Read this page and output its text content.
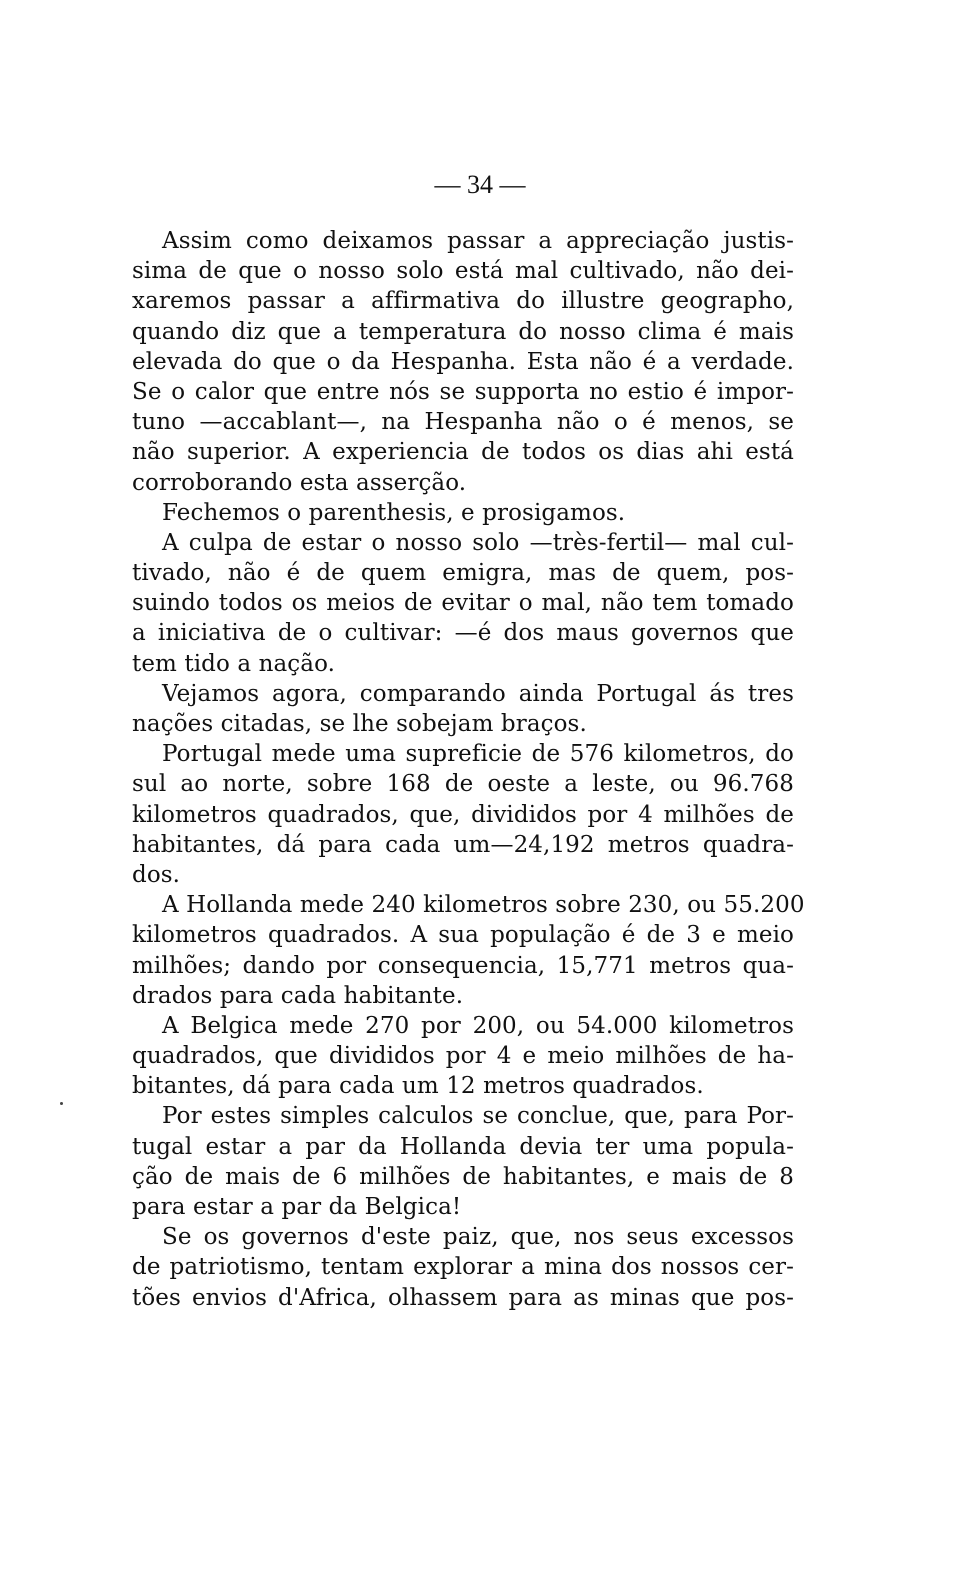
— 34 —
Assim como deixamos passar a appreciação justis-
sima de que o nosso solo está mal cultivado, não dei-
xaremos passar a affirmativa do illustre geographo,
quando diz que a temperatura do nosso clima é mais
elevada do que o da Hespanha. Esta não é a verdade.
Se o calor que entre nós se supporta no estio é impor-
tuno —accablant—, na Hespanha não o é menos, se
não superior. A experiencia de todos os dias ahi está
corroborando esta asserção.
Fechemos o parenthesis, e prosigamos.
A culpa de estar o nosso solo —très-fertil— mal cul-
tivado, não é de quem emigra, mas de quem, pos-
suindo todos os meios de evitar o mal, não tem tomado
a iniciativa de o cultivar: —é dos maus governos que
tem tido a nação.
Vejamos agora, comparando ainda Portugal ás tres
nações citadas, se lhe sobejam braços.
Portugal mede uma supreficie de 576 kilometros, do
sul ao norte, sobre 168 de oeste a leste, ou 96.768
kilometros quadrados, que, divididos por 4 milhões de
habitantes, dá para cada um—24,192 metros quadra-
dos.
A Hollanda mede 240 kilometros sobre 230, ou 55.200
kilometros quadrados. A sua população é de 3 e meio
milhões; dando por consequencia, 15,771 metros qua-
drados para cada habitante.
A Belgica mede 270 por 200, ou 54.000 kilometros
quadrados, que divididos por 4 e meio milhões de ha-
bitantes, dá para cada um 12 metros quadrados.
Por estes simples calculos se conclue, que, para Por-
tugal estar a par da Hollanda devia ter uma popula-
ção de mais de 6 milhões de habitantes, e mais de 8
para estar a par da Belgica!
Se os governos d'este paiz, que, nos seus excessos
de patriotismo, tentam explorar a mina dos nossos cer-
tões envios d'Africa, olhassem para as minas que pos-
